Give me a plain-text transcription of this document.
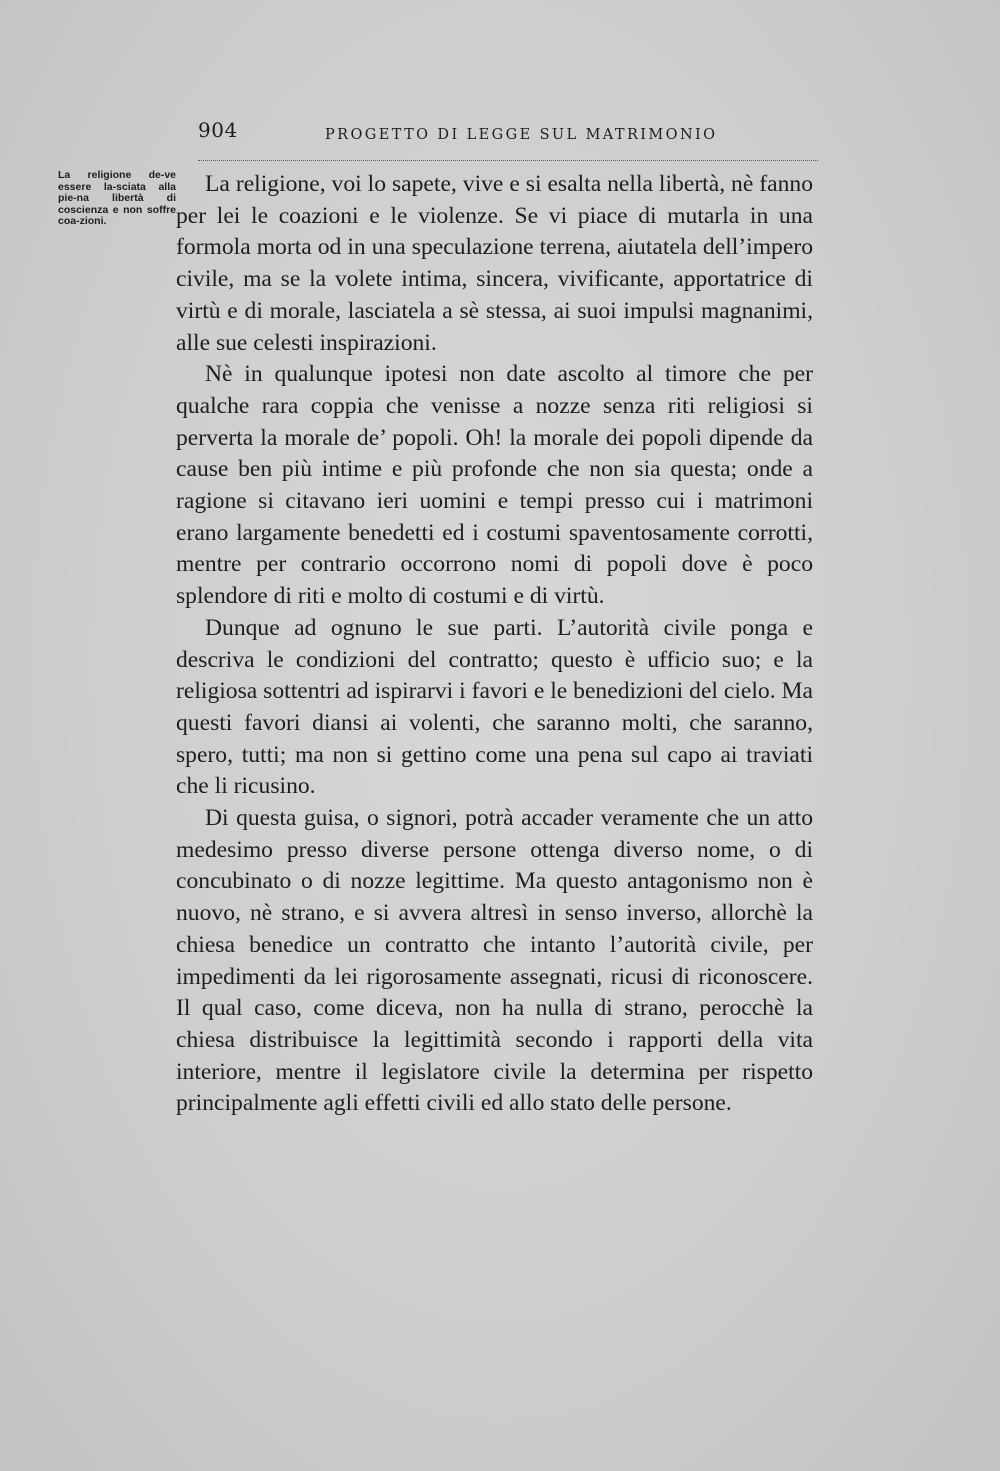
904	PROGETTO DI LEGGE SUL MATRIMONIO
La religione de-ve essere la-sciata alla pie-na libertà di coscienza e non soffre coa-zioni.

La religione, voi lo sapete, vive e si esalta nella libertà, nè fanno per lei le coazioni e le violenze. Se vi piace di mutarla in una formola morta od in una speculazione terrena, aiutatela dell’impero civile, ma se la volete intima, sincera, vivificante, apportatrice di virtù e di morale, lasciatela a sè stessa, ai suoi impulsi magnanimi, alle sue celesti inspirazioni.

Nè in qualunque ipotesi non date ascolto al timore che per qualche rara coppia che venisse a nozze senza riti religiosi si perverta la morale de’ popoli. Oh! la morale dei popoli dipende da cause ben più intime e più profonde che non sia questa; onde a ragione si citavano ieri uomini e tempi presso cui i matrimoni erano largamente benedetti ed i costumi spaventosamente corrotti, mentre per contrario occorrono nomi di popoli dove è poco splendore di riti e molto di costumi e di virtù.

Dunque ad ognuno le sue parti. L’autorità civile ponga e descriva le condizioni del contratto; questo è ufficio suo; e la religiosa sottentri ad ispirarvi i favori e le benedizioni del cielo. Ma questi favori diansi ai volenti, che saranno molti, che saranno, spero, tutti; ma non si gettino come una pena sul capo ai traviati che li ricusino.

Di questa guisa, o signori, potrà accader veramente che un atto medesimo presso diverse persone ottenga diverso nome, o di concubinato o di nozze legittime. Ma questo antagonismo non è nuovo, nè strano, e si avvera altresì in senso inverso, allorchè la chiesa benedice un contratto che intanto l’autorità civile, per impedimenti da lei rigorosamente assegnati, ricusi di riconoscere. Il qual caso, come diceva, non ha nulla di strano, perocchè la chiesa distribuisce la legittimità secondo i rapporti della vita interiore, mentre il legislatore civile la determina per rispetto principalmente agli effetti civili ed allo stato delle persone.
